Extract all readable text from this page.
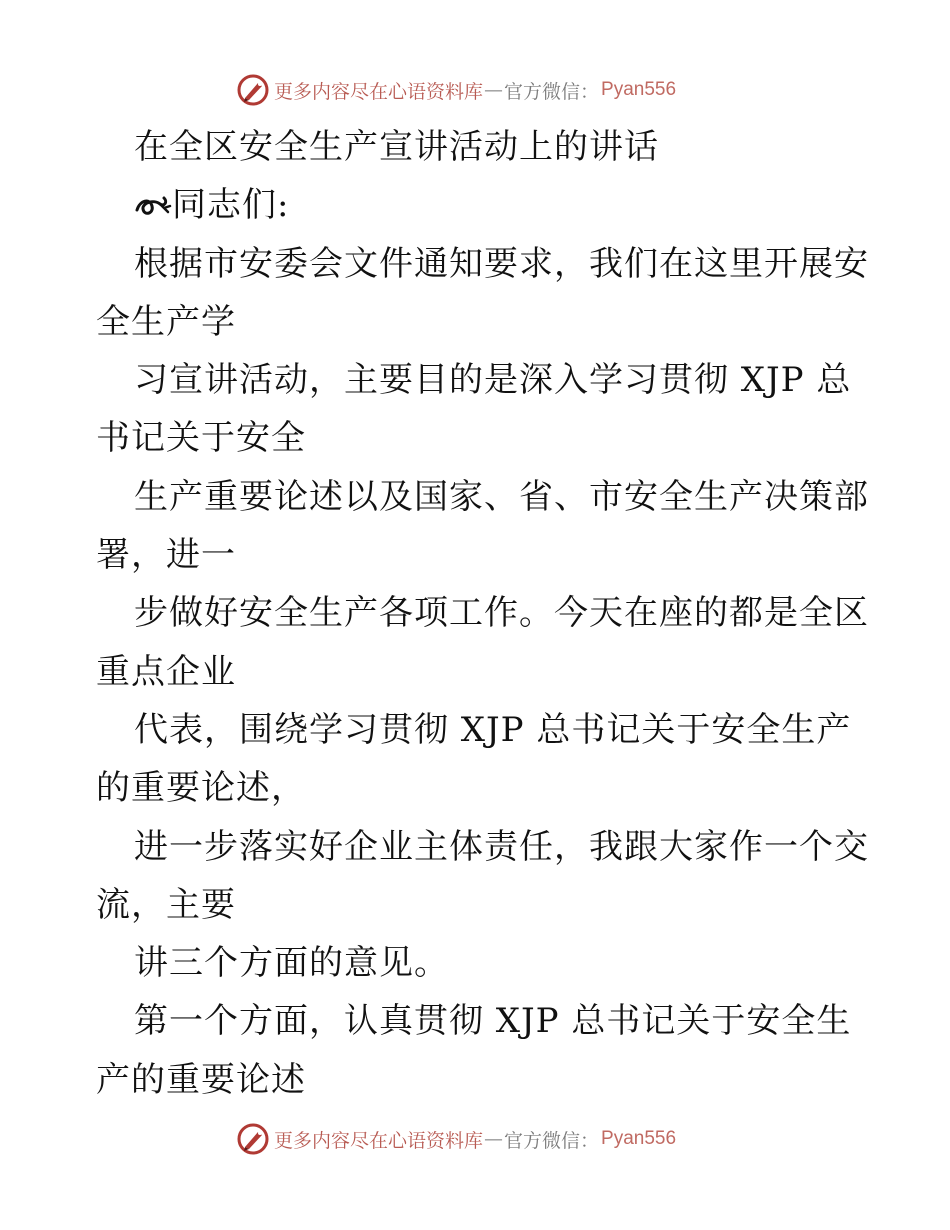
更多内容尽在心语资料库 — 官方微信： Pyan556
在全区安全生产宣讲活动上的讲话
同志们:
根据市安委会文件通知要求，我们在这里开展安
全生产学
习宣讲活动，主要目的是深入学习贯彻 XJP 总
书记关于安全
生产重要论述以及国家、省、市安全生产决策部
署，进一
步做好安全生产各项工作。今天在座的都是全区
重点企业
代表，围绕学习贯彻 XJP 总书记关于安全生产
的重要论述，
进一步落实好企业主体责任，我跟大家作一个交
流，主要
讲三个方面的意见。
第一个方面，认真贯彻 XJP 总书记关于安全生
产的重要论述
更多内容尽在心语资料库 — 官方微信： Pyan556
